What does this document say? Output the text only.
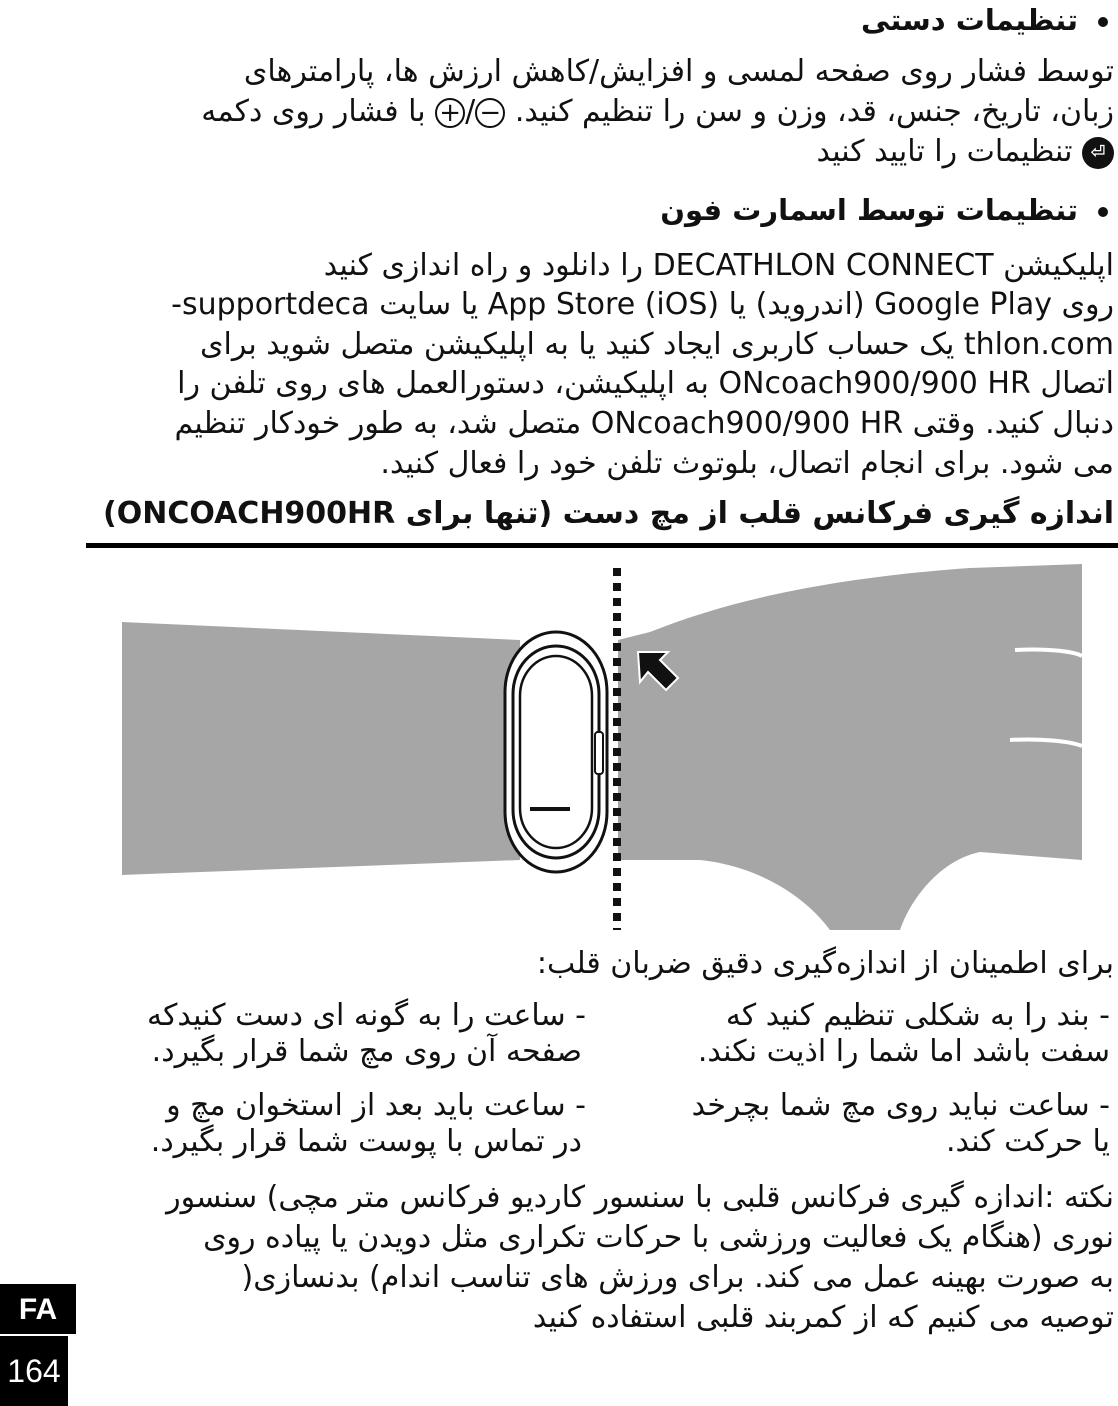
تنظیمات دستی
توسط فشار روی صفحه لمسی و افزایش/کاهش ارزش ها، پارامترهای
زبان، تاریخ، جنس، قد، وزن و سن را تنظیم کنید. −/+ با فشار روی دکمه
⏎ تنظیمات را تایید کنید
تنظیمات توسط اسمارت فون
اپلیکیشن DECATHLON CONNECT را دانلود و راه اندازی کنید
روی Google Play (اندروید) یا App Store (iOS) یا سایت supportdeca-
thlon.com یک حساب کاربری ایجاد کنید یا به اپلیکیشن متصل شوید برای
اتصال ONcoach900/900 HR به اپلیکیشن، دستورالعمل های روی تلفن را
دنبال کنید. وقتی ONcoach900/900 HR متصل شد، به طور خودکار تنظیم
می شود. برای انجام اتصال، بلوتوث تلفن خود را فعال کنید.
اندازه گیری فرکانس قلب از مچ دست (تنها برای ONCOACH900HR)
برای اطمینان از اندازه‌گیری دقیق ضربان قلب:
- بند را به شکلی تنظیم کنید که
سفت باشد اما شما را اذیت نکند.
- ساعت را به گونه ای دست کنیدکه
صفحه آن روی مچ شما قرار بگیرد.
- ساعت نباید روی مچ شما بچرخد
یا حرکت کند.
- ساعت باید بعد از استخوان مچ و
در تماس با پوست شما قرار بگیرد.
نکته :اندازه گیری فرکانس قلبی با سنسور کاردیو فرکانس متر مچی) سنسور
نوری (هنگام یک فعالیت ورزشی با حرکات تکراری مثل دویدن یا پیاده روی
به صورت بهینه عمل می کند. برای ورزش های تناسب اندام) بدنسازی(
توصیه می کنیم که از کمربند قلبی استفاده کنید
FA
164
